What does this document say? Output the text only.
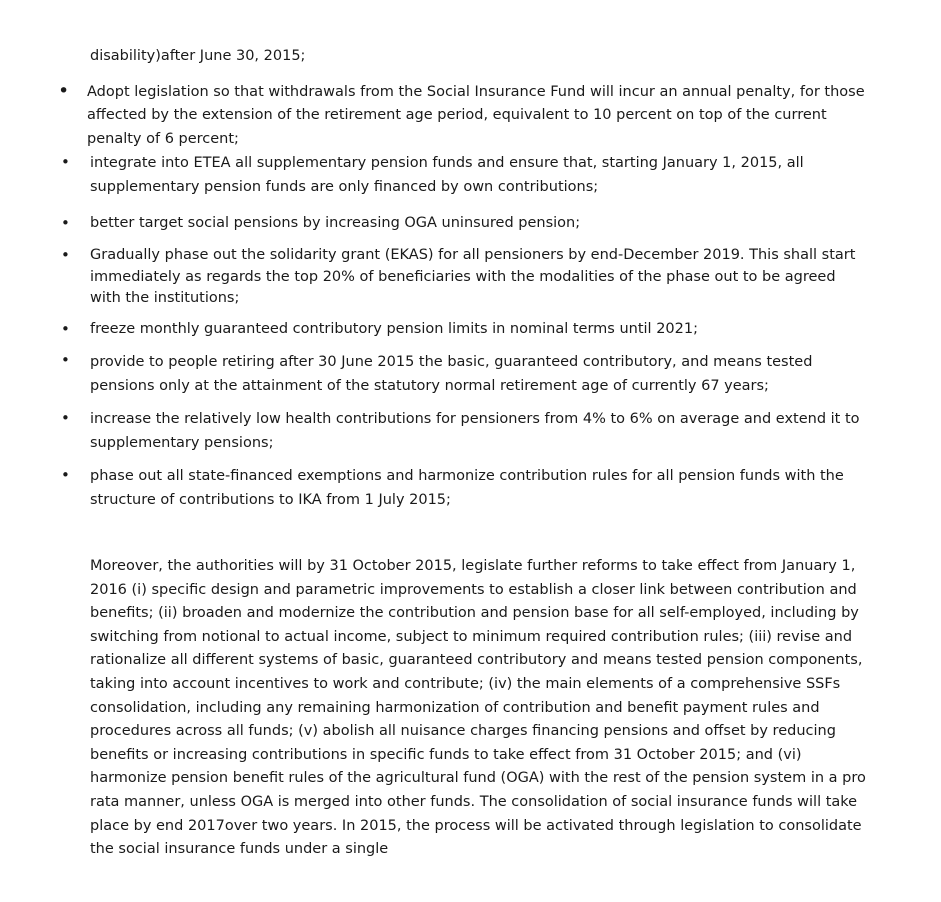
disability)after June 30, 2015;

• Adopt legislation so that withdrawals from the Social Insurance Fund will incur an annual penalty, for those affected by the extension of the retirement age period, equivalent to 10 percent on top of the current penalty of 6 percent;

• integrate into ETEA all supplementary pension funds and ensure that, starting January 1, 2015, all supplementary pension funds are only financed by own contributions;

• better target social pensions by increasing OGA uninsured pension;

• Gradually phase out the solidarity grant (EKAS) for all pensioners by end-December 2019. This shall start immediately as regards the top 20% of beneficiaries with the modalities of the phase out to be agreed with the institutions;

• freeze monthly guaranteed contributory pension limits in nominal terms until 2021;

• provide to people retiring after 30 June 2015 the basic, guaranteed contributory, and means tested pensions only at the attainment of the statutory normal retirement age of currently 67 years;

• increase the relatively low health contributions for pensioners from 4% to 6% on average and extend it to supplementary pensions;

• phase out all state-financed exemptions and harmonize contribution rules for all pension funds with the structure of contributions to IKA from 1 July 2015;

Moreover, the authorities will by 31 October 2015, legislate further reforms to take effect from January 1, 2016 (i) specific design and parametric improvements to establish a closer link between contribution and benefits; (ii) broaden and modernize the contribution and pension base for all self-employed, including by switching from notional to actual income, subject to minimum required contribution rules; (iii) revise and rationalize all different systems of basic, guaranteed contributory and means tested pension components, taking into account incentives to work and contribute; (iv) the main elements of a comprehensive SSFs consolidation, including any remaining harmonization of contribution and benefit payment rules and procedures across all funds; (v) abolish all nuisance charges financing pensions and offset by reducing benefits or increasing contributions in specific funds to take effect from 31 October 2015; and (vi) harmonize pension benefit rules of the agricultural fund (OGA) with the rest of the pension system in a pro rata manner, unless OGA is merged into other funds. The consolidation of social insurance funds will take place by end 2017over two years. In 2015, the process will be activated through legislation to consolidate the social insurance funds under a single
